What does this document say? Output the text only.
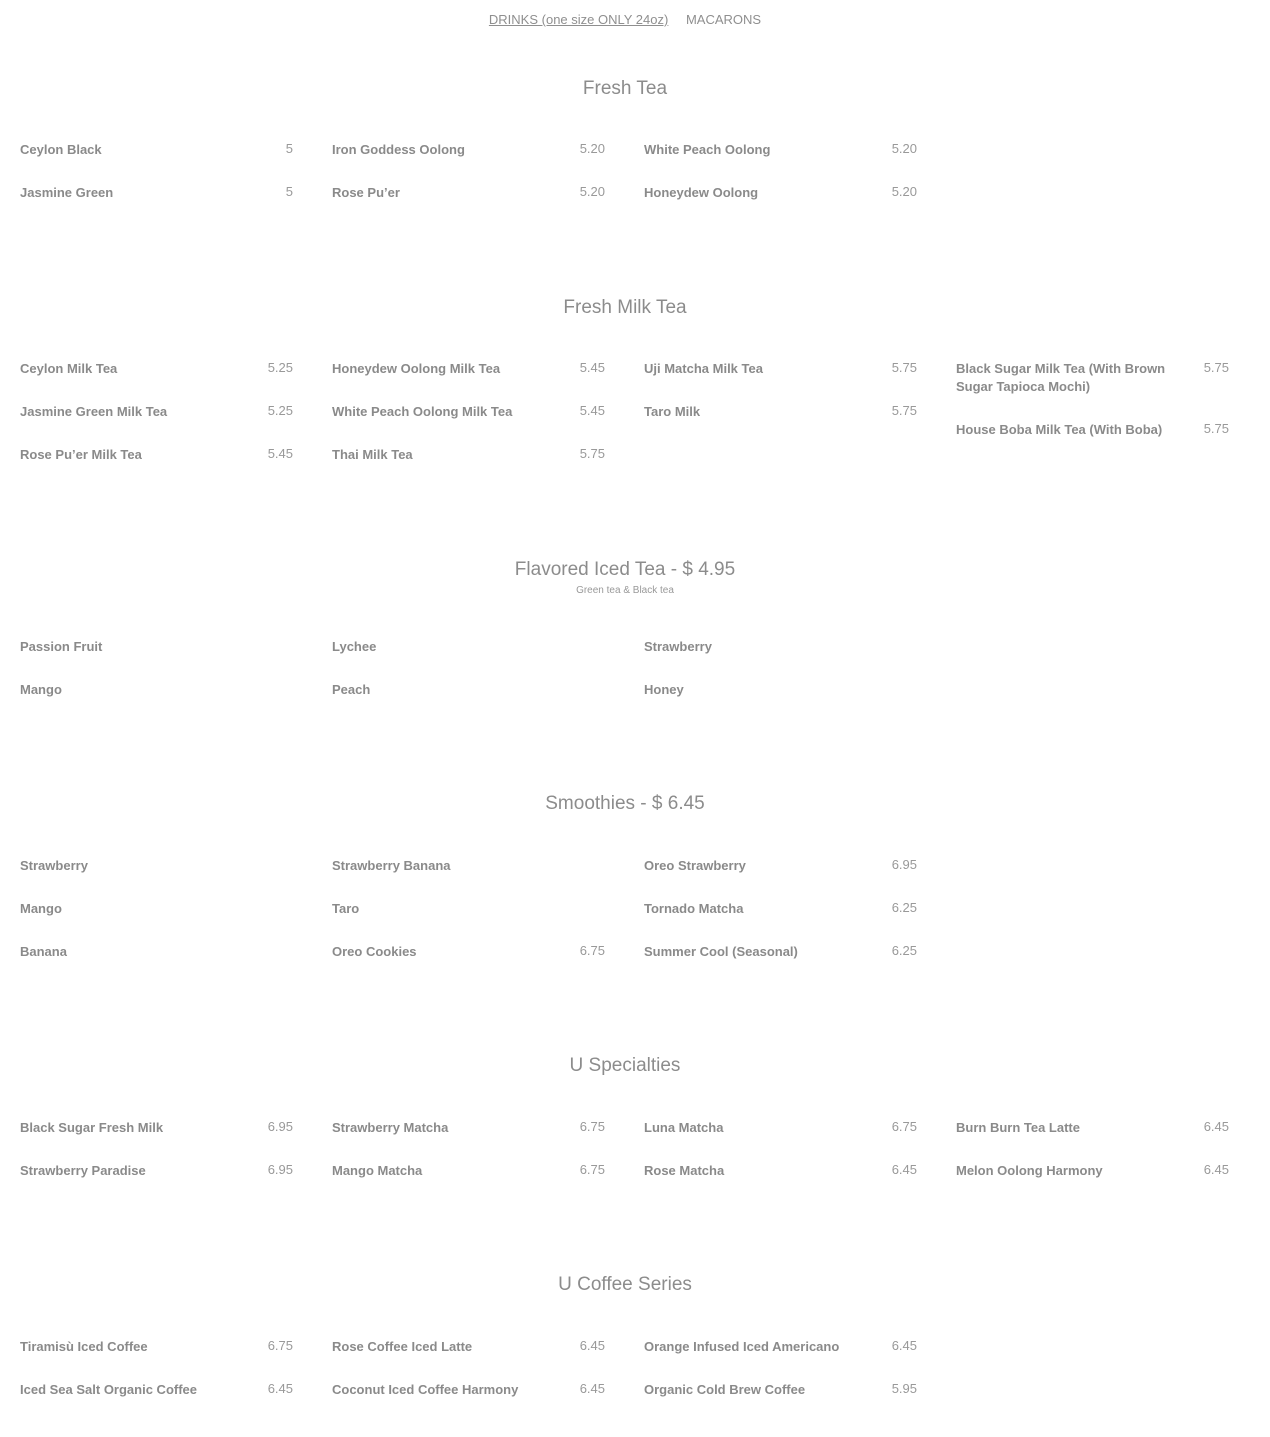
DRINKS (one size ONLY 24oz) MACARONS
Fresh Tea
Ceylon Black	5
Jasmine Green	5
Iron Goddess Oolong	5.20
Rose Pu’er	5.20
White Peach Oolong	5.20
Honeydew Oolong	5.20
Fresh Milk Tea
Ceylon Milk Tea	5.25
Jasmine Green Milk Tea	5.25
Rose Pu’er Milk Tea	5.45
Honeydew Oolong Milk Tea	5.45
White Peach Oolong Milk Tea	5.45
Thai Milk Tea	5.75
Uji Matcha Milk Tea	5.75
Taro Milk	5.75
Black Sugar Milk Tea (With Brown Sugar Tapioca Mochi)
5.75
House Boba Milk Tea (With Boba)	5.75
Flavored Iced Tea - $ 4.95
Green tea & Black tea
Passion Fruit
Mango
Lychee
Peach
Strawberry
Honey
Smoothies - $ 6.45
Strawberry
Mango
Banana
Strawberry Banana
Taro
Oreo Cookies	6.75
Oreo Strawberry	6.95
Tornado Matcha	6.25
Summer Cool (Seasonal)	6.25
U Specialties
Black Sugar Fresh Milk	6.95
Strawberry Paradise	6.95
Strawberry Matcha	6.75
Mango Matcha	6.75
Luna Matcha	6.75
Rose Matcha	6.45
Burn Burn Tea Latte	6.45
Melon Oolong Harmony	6.45
U Coffee Series
Tiramisù Iced Coffee	6.75
Iced Sea Salt Organic Coffee	6.45
Rose Coffee Iced Latte	6.45
Coconut Iced Coffee Harmony	6.45
Orange Infused Iced Americano	6.45
Organic Cold Brew Coffee	5.95
